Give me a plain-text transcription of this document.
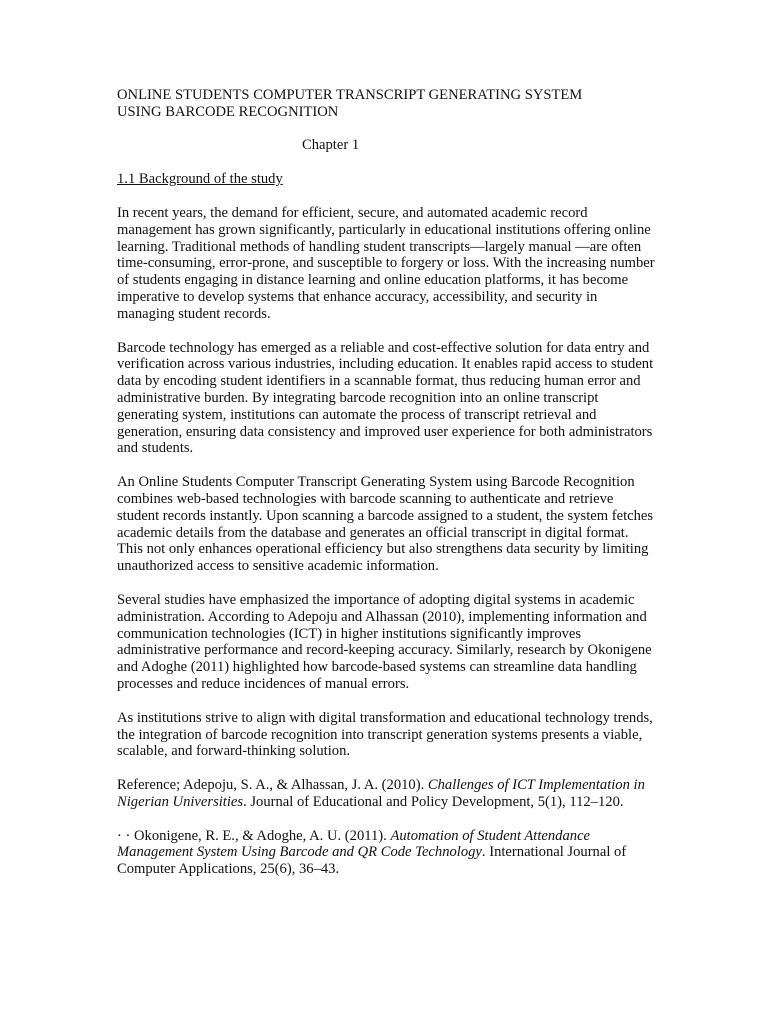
ONLINE STUDENTS COMPUTER TRANSCRIPT GENERATING SYSTEM
USING BARCODE RECOGNITION
Chapter 1
1.1 Background of the study

In recent years, the demand for efficient, secure, and automated academic record management has grown significantly, particularly in educational institutions offering online learning. Traditional methods of handling student transcripts—largely manual —are often time-consuming, error-prone, and susceptible to forgery or loss. With the increasing number of students engaging in distance learning and online education platforms, it has become imperative to develop systems that enhance accuracy, accessibility, and security in managing student records.

Barcode technology has emerged as a reliable and cost-effective solution for data entry and verification across various industries, including education. It enables rapid access to student data by encoding student identifiers in a scannable format, thus reducing human error and administrative burden. By integrating barcode recognition into an online transcript generating system, institutions can automate the process of transcript retrieval and generation, ensuring data consistency and improved user experience for both administrators and students.

An Online Students Computer Transcript Generating System using Barcode Recognition combines web-based technologies with barcode scanning to authenticate and retrieve student records instantly. Upon scanning a barcode assigned to a student, the system fetches academic details from the database and generates an official transcript in digital format. This not only enhances operational efficiency but also strengthens data security by limiting unauthorized access to sensitive academic information.

Several studies have emphasized the importance of adopting digital systems in academic administration. According to Adepoju and Alhassan (2010), implementing information and communication technologies (ICT) in higher institutions significantly improves administrative performance and record-keeping accuracy. Similarly, research by Okonigene and Adoghe (2011) highlighted how barcode-based systems can streamline data handling processes and reduce incidences of manual errors.

As institutions strive to align with digital transformation and educational technology trends, the integration of barcode recognition into transcript generation systems presents a viable, scalable, and forward-thinking solution.

Reference; Adepoju, S. A., & Alhassan, J. A. (2010). Challenges of ICT Implementation in Nigerian Universities. Journal of Educational and Policy Development, 5(1), 112–120.
· · Okonigene, R. E., & Adoghe, A. U. (2011). Automation of Student Attendance Management System Using Barcode and QR Code Technology. International Journal of Computer Applications, 25(6), 36–43.
